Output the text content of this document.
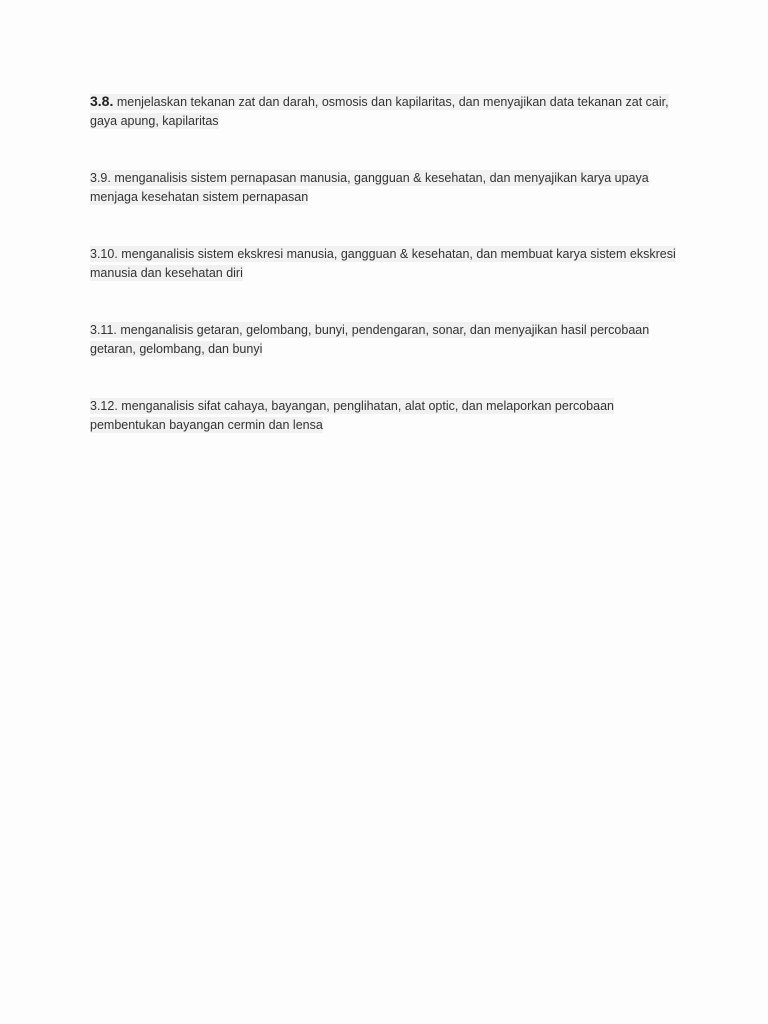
3.8. menjelaskan tekanan zat dan darah, osmosis dan kapilaritas, dan menyajikan data tekanan zat cair, gaya apung, kapilaritas

3.9. menganalisis sistem pernapasan manusia, gangguan & kesehatan, dan menyajikan karya upaya menjaga kesehatan sistem pernapasan

3.10. menganalisis sistem ekskresi manusia, gangguan & kesehatan, dan membuat karya sistem ekskresi manusia dan kesehatan diri

3.11. menganalisis getaran, gelombang, bunyi, pendengaran, sonar, dan menyajikan hasil percobaan getaran, gelombang, dan bunyi

3.12. menganalisis sifat cahaya, bayangan, penglihatan, alat optic, dan melaporkan percobaan pembentukan bayangan cermin dan lensa
